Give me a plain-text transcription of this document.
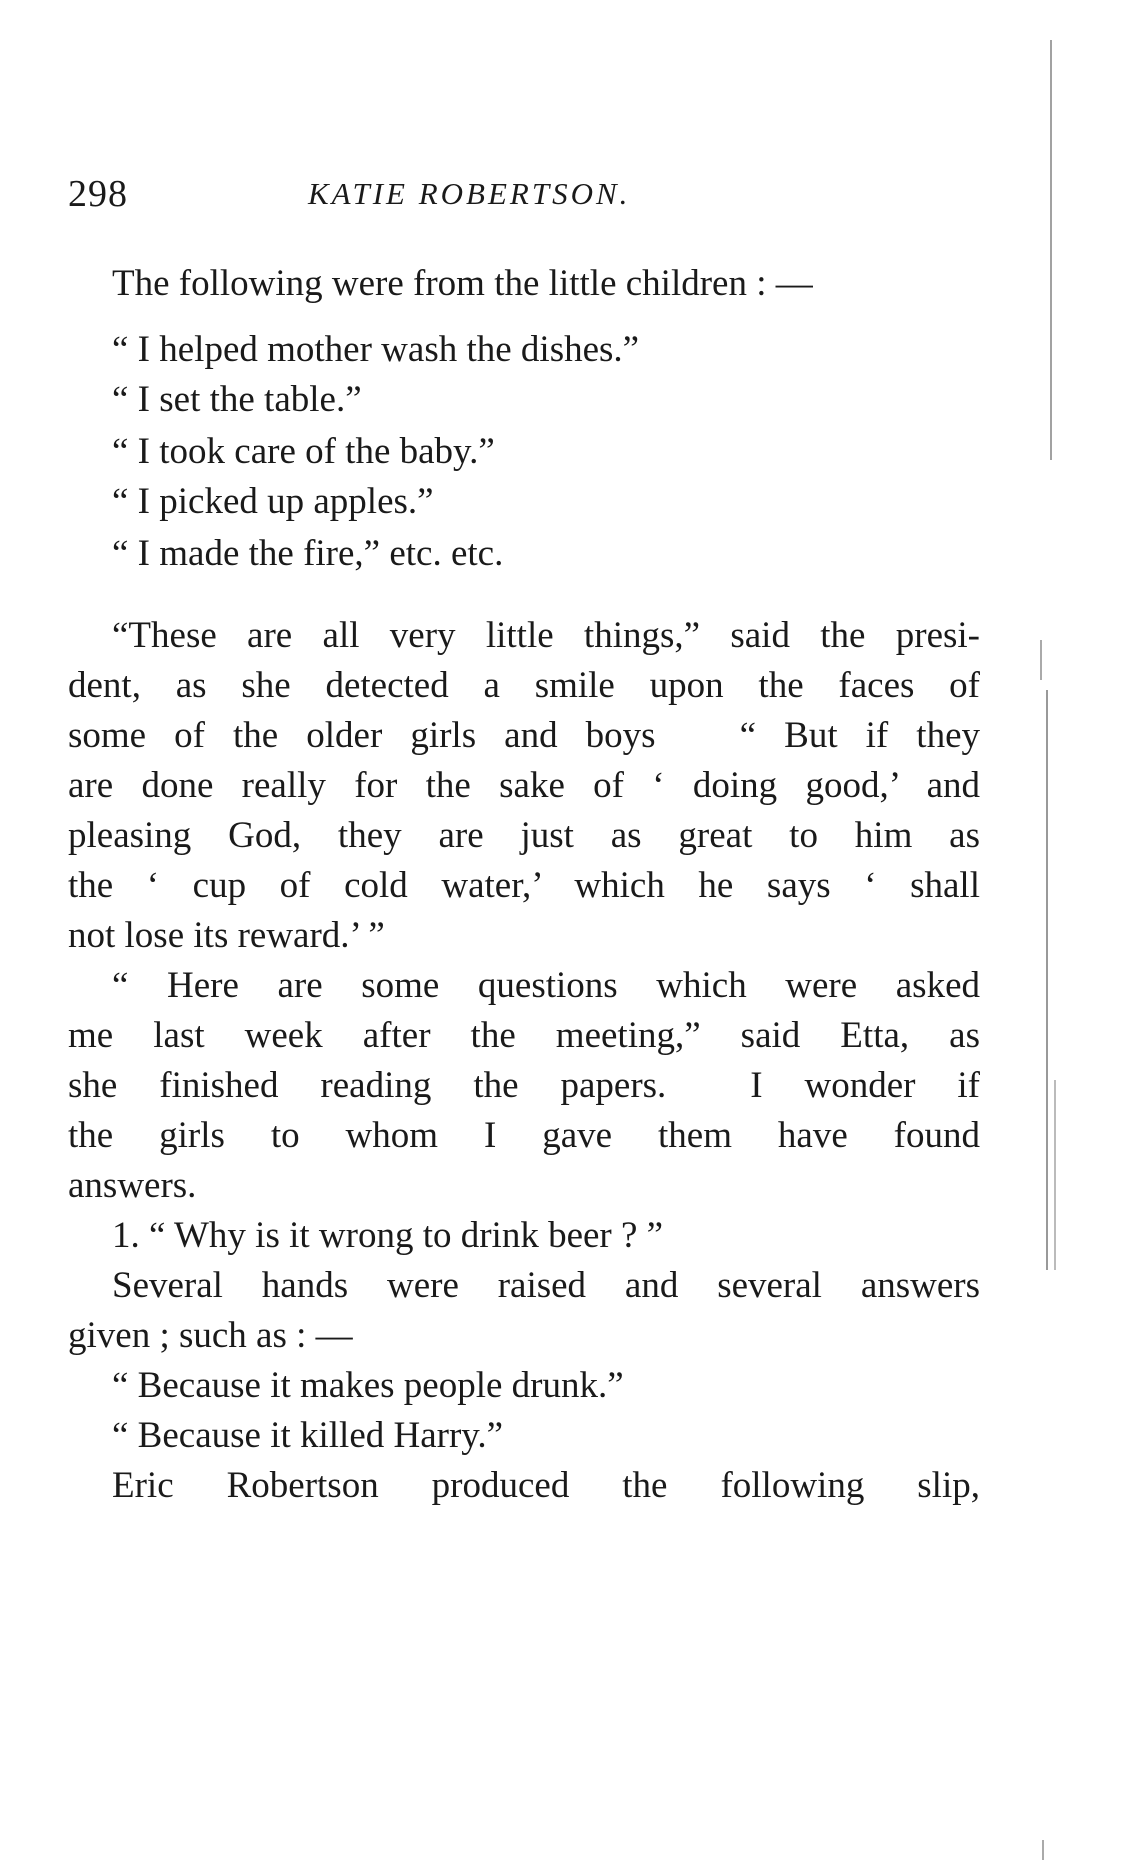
298	KATIE ROBERTSON.
The following were from the little children : —
“ I helped mother wash the dishes.”
“ I set the table.”
“ I took care of the baby.”
“ I picked up apples.”
“ I made the fire,” etc. etc.
“These are all very little things,” said the presi-
dent, as she detected a smile upon the faces of
some of the older girls and boys   “ But if they
are done really for the sake of ‘ doing good,’ and
pleasing God, they are just as great to him as
the ‘ cup of cold water,’ which he says ‘ shall
not lose its reward.’ ”
“ Here are some questions which were asked
me last week after the meeting,” said Etta, as
she finished reading the papers.  I wonder if
the girls to whom I gave them have found
answers.
1. “ Why is it wrong to drink beer ? ”
Several hands were raised and several answers
given ; such as : —
“ Because it makes people drunk.”
“ Because it killed Harry.”
Eric Robertson produced the following slip,
